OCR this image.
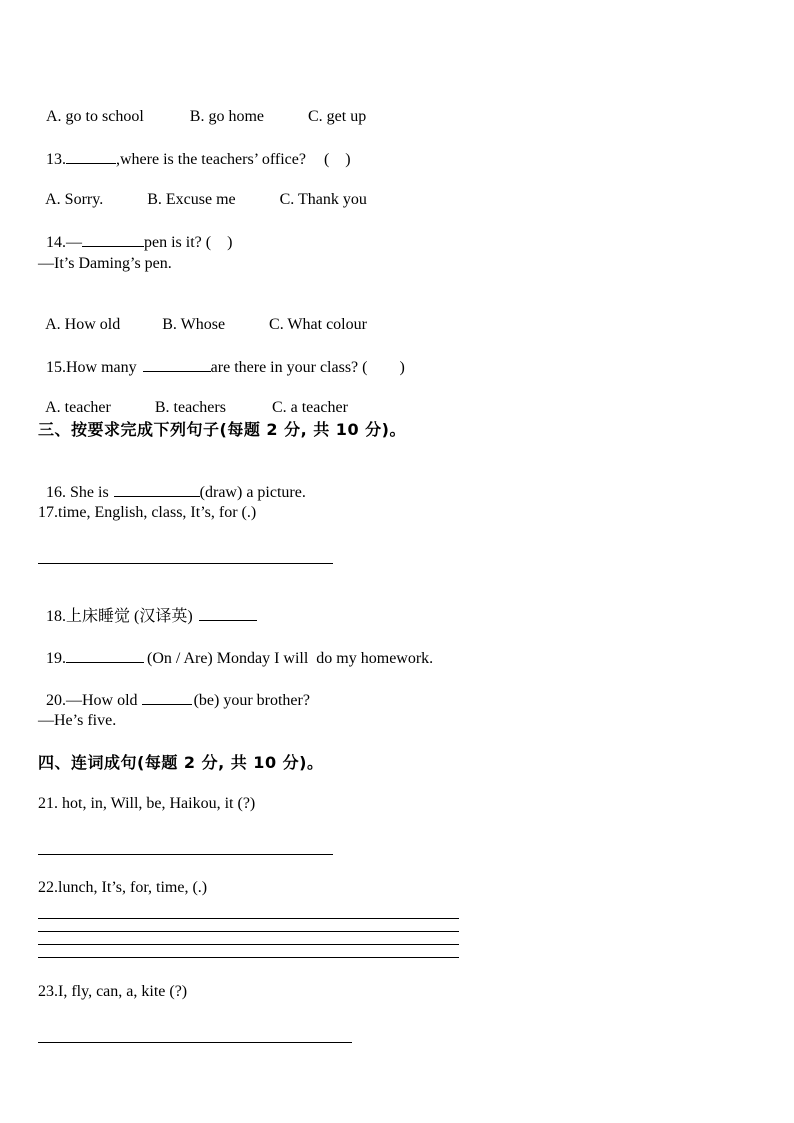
A. go to school	B. go home	C. get up

13.	,where is the teachers’ office? (　)

A. Sorry.	B. Excuse me	C. Thank you

14.—	pen is it? (　)

—It’s Daming’s pen.

A. How old	B. Whose	C. What colour

15.How many	are there in your class? (　　)

A. teacher	B. teachers	C. a teacher

三、按要求完成下列句子(每题 2 分, 共 10 分)。

16. She is	(draw) a picture.

17.time, English, class, It’s, for (.)

18.上床睡觉 (汉译英)

19.	(On / Are) Monday I will  do my homework.

20.—How old	(be) your brother?

—He’s five.
四、连词成句(每题 2 分, 共 10 分)。
21. hot, in, Will, be, Haikou, it (?)
22.lunch, It’s, for, time, (.)
23.I, fly, can, a, kite (?)
